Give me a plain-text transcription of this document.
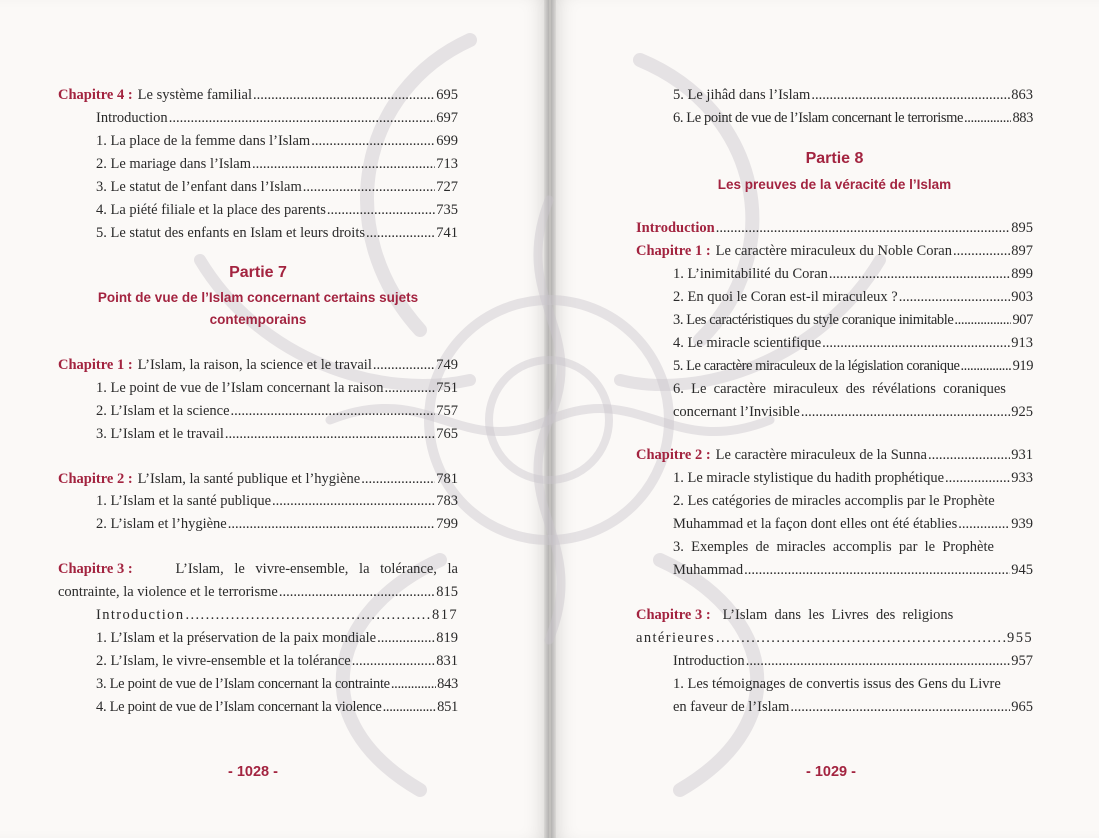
Chapitre 4 : Le système familial .....	695
Introduction .....	697
1. La place de la femme dans l’Islam .....	699
2. Le mariage dans l’Islam .....	713
3. Le statut de l’enfant dans l’Islam .....	727
4. La piété filiale et la place des parents .....	735
5. Le statut des enfants en Islam et leurs droits .....	741
Partie 7
Point de vue de l’Islam concernant certains sujets
contemporains
Chapitre 1 : L’Islam, la raison, la science et le travail .....	749
1. Le point de vue de l’Islam concernant la raison .....	751
2. L’Islam et la science .....	757
3. L’Islam et le travail .....	765
Chapitre 2 : L’Islam, la santé publique et l’hygiène .....	781
1. L’Islam et la santé publique .....	783
2. L’islam et l’hygiène .....	799
Chapitre 3 :	L’Islam, le vivre-ensemble, la tolérance, la
contrainte, la violence et le terrorisme .....	815
Introduction .....	817
1. L’Islam et la préservation de la paix mondiale .....	819
2. L’Islam, le vivre-ensemble et la tolérance .....	831
3. Le point de vue de l’Islam concernant la contrainte .....	843
4. Le point de vue de l’Islam concernant la violence .....	851
- 1028 -
5. Le jihâd dans l’Islam .....	863
6. Le point de vue de l’Islam concernant le terrorisme .....	883
Partie 8
Les preuves de la véracité de l’Islam
Introduction .....	895
Chapitre 1 : Le caractère miraculeux du Noble Coran .....	897
1. L’inimitabilité du Coran .....	899
2. En quoi le Coran est-il miraculeux ? .....	903
3. Les caractéristiques du style coranique inimitable .....	907
4. Le miracle scientifique .....	913
5. Le caractère miraculeux de la législation coranique .....	919
6.  Le  caractère  miraculeux  des  révélations  coraniques
concernant l’Invisible .....	925
Chapitre 2 : Le caractère miraculeux de la Sunna .....	931
1. Le miracle stylistique du hadith prophétique .....	933
2. Les catégories de miracles accomplis par le Prophète
Muhammad et la façon dont elles ont été établies .....	939
3.  Exemples  de  miracles  accomplis  par  le  Prophète
Muhammad .....	945
Chapitre 3 : L’Islam  dans  les  Livres  des  religions
antérieures .....	955
Introduction .....	957
1. Les témoignages de convertis issus des Gens du Livre
en faveur de l’Islam .....	965
- 1029 -
